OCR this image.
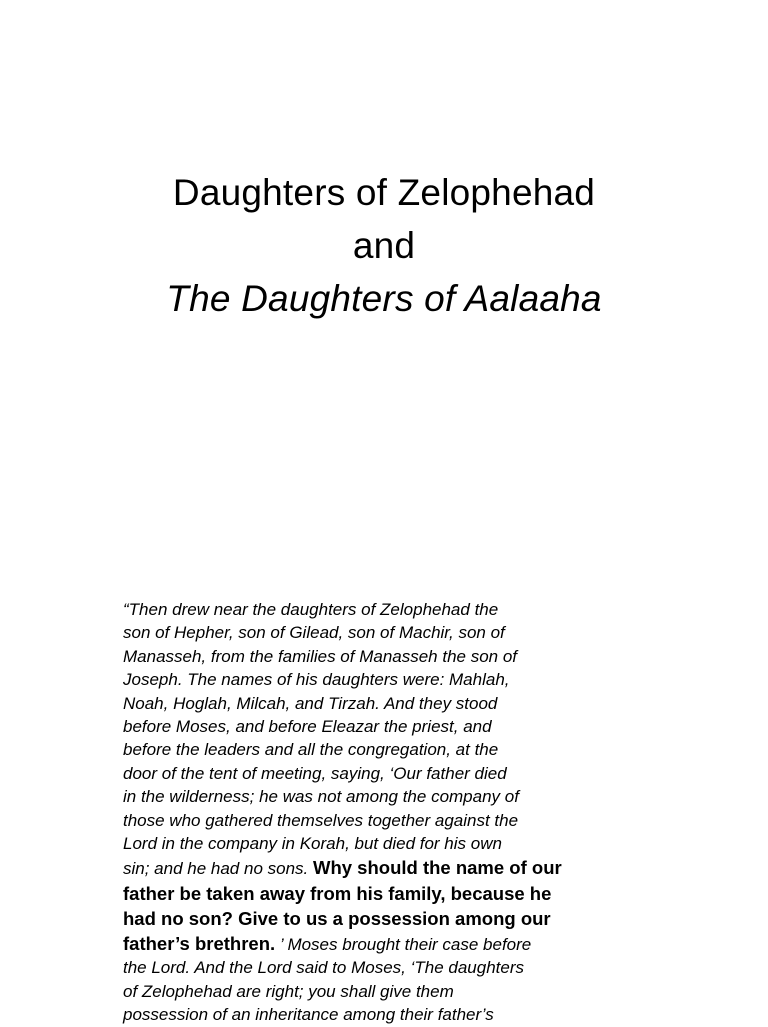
Daughters of Zelophehad
and
The Daughters of Aalaaha
“Then drew near the daughters of Zelophehad the
son of Hepher, son of Gilead, son of Machir, son of
Manasseh, from the families of Manasseh the son of
Joseph. The names of his daughters were: Mahlah,
Noah, Hoglah, Milcah, and Tirzah. And they stood
before Moses, and before Eleazar the priest, and
before the leaders and all the congregation, at the
door of the tent of meeting, saying, ‘Our father died
in the wilderness; he was not among the company of
those who gathered themselves together against the
Lord in the company in Korah, but died for his own
sin; and he had no sons. Why should the name of our
father be taken away from his family, because he
had no son? Give to us a possession among our
father’s brethren. ’ Moses brought their case before
the Lord. And the Lord said to Moses, ‘The daughters
of Zelophehad are right; you shall give them
possession of an inheritance among their father’s
